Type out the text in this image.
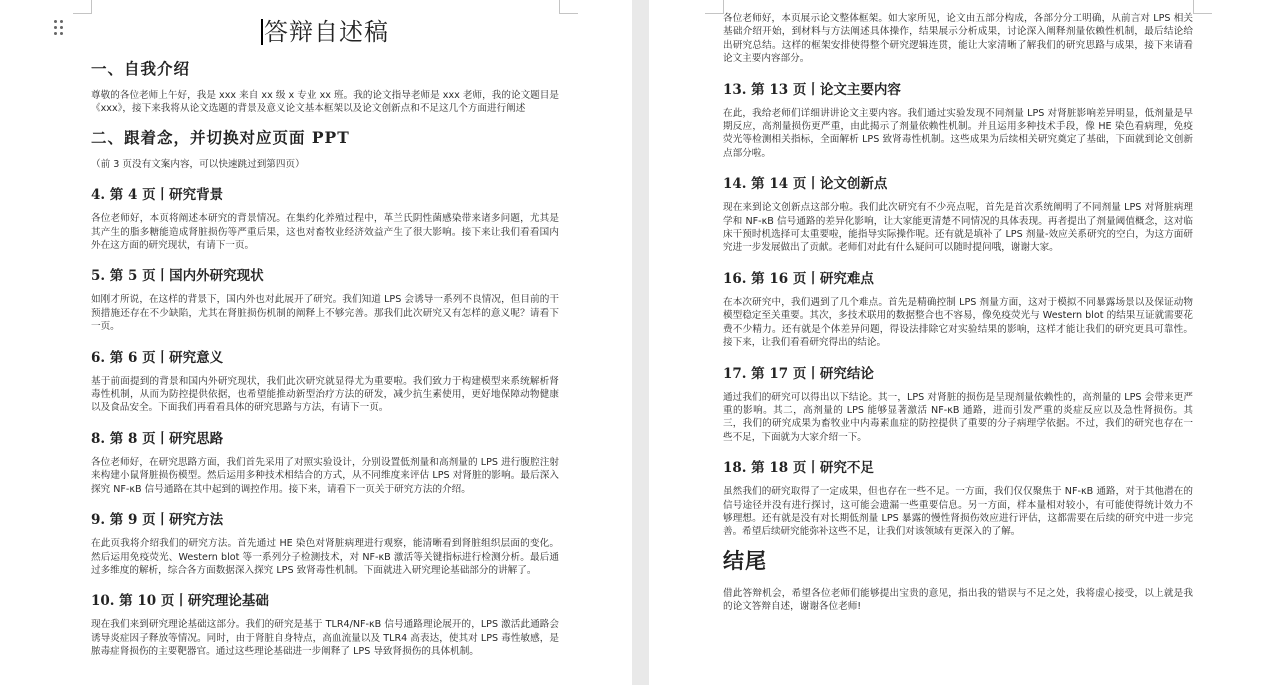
答辩自述稿
一、自我介绍
尊敬的各位老师上午好，我是 xxx 来自 xx 级 x 专业 xx 班。我的论文指导老师是 xxx 老师，我的论文题目是《xxx》，接下来我将从论文选题的背景及意义论文基本框架以及论文创新点和不足这几个方面进行阐述
二、跟着念，并切换对应页面 PPT
（前 3 页没有文案内容，可以快速跳过到第四页）
4. 第 4 页丨研究背景
各位老师好，本页将阐述本研究的背景情况。在集约化养殖过程中，革兰氏阴性菌感染带来诸多问题，尤其是其产生的脂多糖能造成肾脏损伤等严重后果，这也对畜牧业经济效益产生了很大影响。接下来让我们看看国内外在这方面的研究现状，有请下一页。
5. 第 5 页丨国内外研究现状
如刚才所说，在这样的背景下，国内外也对此展开了研究。我们知道 LPS 会诱导一系列不良情况，但目前的干预措施还存在不少缺陷，尤其在肾脏损伤机制的阐释上不够完善。那我们此次研究又有怎样的意义呢？请看下一页。
6. 第 6 页丨研究意义
基于前面提到的背景和国内外研究现状，我们此次研究就显得尤为重要啦。我们致力于构建模型来系统解析肾毒性机制，从而为防控提供依据，也希望能推动新型治疗方法的研发，减少抗生素使用，更好地保障动物健康以及食品安全。下面我们再看看具体的研究思路与方法，有请下一页。
8. 第 8 页丨研究思路
各位老师好，在研究思路方面，我们首先采用了对照实验设计，分别设置低剂量和高剂量的 LPS 进行腹腔注射来构建小鼠肾脏损伤模型。然后运用多种技术相结合的方式，从不同维度来评估 LPS 对肾脏的影响。最后深入探究 NF-κB 信号通路在其中起到的调控作用。接下来，请看下一页关于研究方法的介绍。
9. 第 9 页丨研究方法
在此页我将介绍我们的研究方法。首先通过 HE 染色对肾脏病理进行观察，能清晰看到肾脏组织层面的变化。然后运用免疫荧光、Western blot 等一系列分子检测技术，对 NF-κB 激活等关键指标进行检测分析。最后通过多维度的解析，综合各方面数据深入探究 LPS 致肾毒性机制。下面就进入研究理论基础部分的讲解了。
10. 第 10 页丨研究理论基础
现在我们来到研究理论基础这部分。我们的研究是基于 TLR4/NF-κB 信号通路理论展开的，LPS 激活此通路会诱导炎症因子释放等情况。同时，由于肾脏自身特点，高血流量以及 TLR4 高表达，使其对 LPS 毒性敏感，是脓毒症肾损伤的主要靶器官。通过这些理论基础进一步阐释了 LPS 导致肾损伤的具体机制。
各位老师好，本页展示论文整体框架。如大家所见，论文由五部分构成，各部分分工明确，从前言对 LPS 相关基础介绍开始，到材料与方法阐述具体操作，结果展示分析成果，讨论深入阐释剂量依赖性机制，最后结论给出研究总结。这样的框架安排使得整个研究逻辑连贯，能让大家清晰了解我们的研究思路与成果，接下来请看论文主要内容部分。
13. 第 13 页丨论文主要内容
在此，我给老师们详细讲讲论文主要内容。我们通过实验发现不同剂量 LPS 对肾脏影响差异明显，低剂量是早期反应，高剂量损伤更严重，由此揭示了剂量依赖性机制。并且运用多种技术手段，像 HE 染色看病理，免疫荧光等检测相关指标，全面解析 LPS 致肾毒性机制。这些成果为后续相关研究奠定了基础，下面就到论文创新点部分啦。
14. 第 14 页丨论文创新点
现在来到论文创新点这部分啦。我们此次研究有不少亮点呢，首先是首次系统阐明了不同剂量 LPS 对肾脏病理学和 NF-κB 信号通路的差异化影响，让大家能更清楚不同情况的具体表现。再者提出了剂量阈值概念，这对临床干预时机选择可太重要啦，能指导实际操作呢。还有就是填补了 LPS 剂量-效应关系研究的空白，为这方面研究进一步发展做出了贡献。老师们对此有什么疑问可以随时提问哦，谢谢大家。
16. 第 16 页丨研究难点
在本次研究中，我们遇到了几个难点。首先是精确控制 LPS 剂量方面，这对于模拟不同暴露场景以及保证动物模型稳定至关重要。其次，多技术联用的数据整合也不容易，像免疫荧光与 Western blot 的结果互证就需要花费不少精力。还有就是个体差异问题，得设法排除它对实验结果的影响，这样才能让我们的研究更具可靠性。接下来，让我们看看研究得出的结论。
17. 第 17 页丨研究结论
通过我们的研究可以得出以下结论。其一，LPS 对肾脏的损伤是呈现剂量依赖性的，高剂量的 LPS 会带来更严重的影响。其二，高剂量的 LPS 能够显著激活 NF-κB 通路，进而引发严重的炎症反应以及急性肾损伤。其三，我们的研究成果为畜牧业中内毒素血症的防控提供了重要的分子病理学依据。不过，我们的研究也存在一些不足，下面就为大家介绍一下。
18. 第 18 页丨研究不足
虽然我们的研究取得了一定成果，但也存在一些不足。一方面，我们仅仅聚焦于 NF-κB 通路，对于其他潜在的信号途径并没有进行探讨，这可能会遗漏一些重要信息。另一方面，样本量相对较小，有可能使得统计效力不够理想。还有就是没有对长期低剂量 LPS 暴露的慢性肾损伤效应进行评估，这都需要在后续的研究中进一步完善。希望后续研究能弥补这些不足，让我们对该领域有更深入的了解。
结尾
借此答辩机会，希望各位老师们能够提出宝贵的意见，指出我的错误与不足之处，我将虚心接受，以上就是我的论文答辩自述，谢谢各位老师!
